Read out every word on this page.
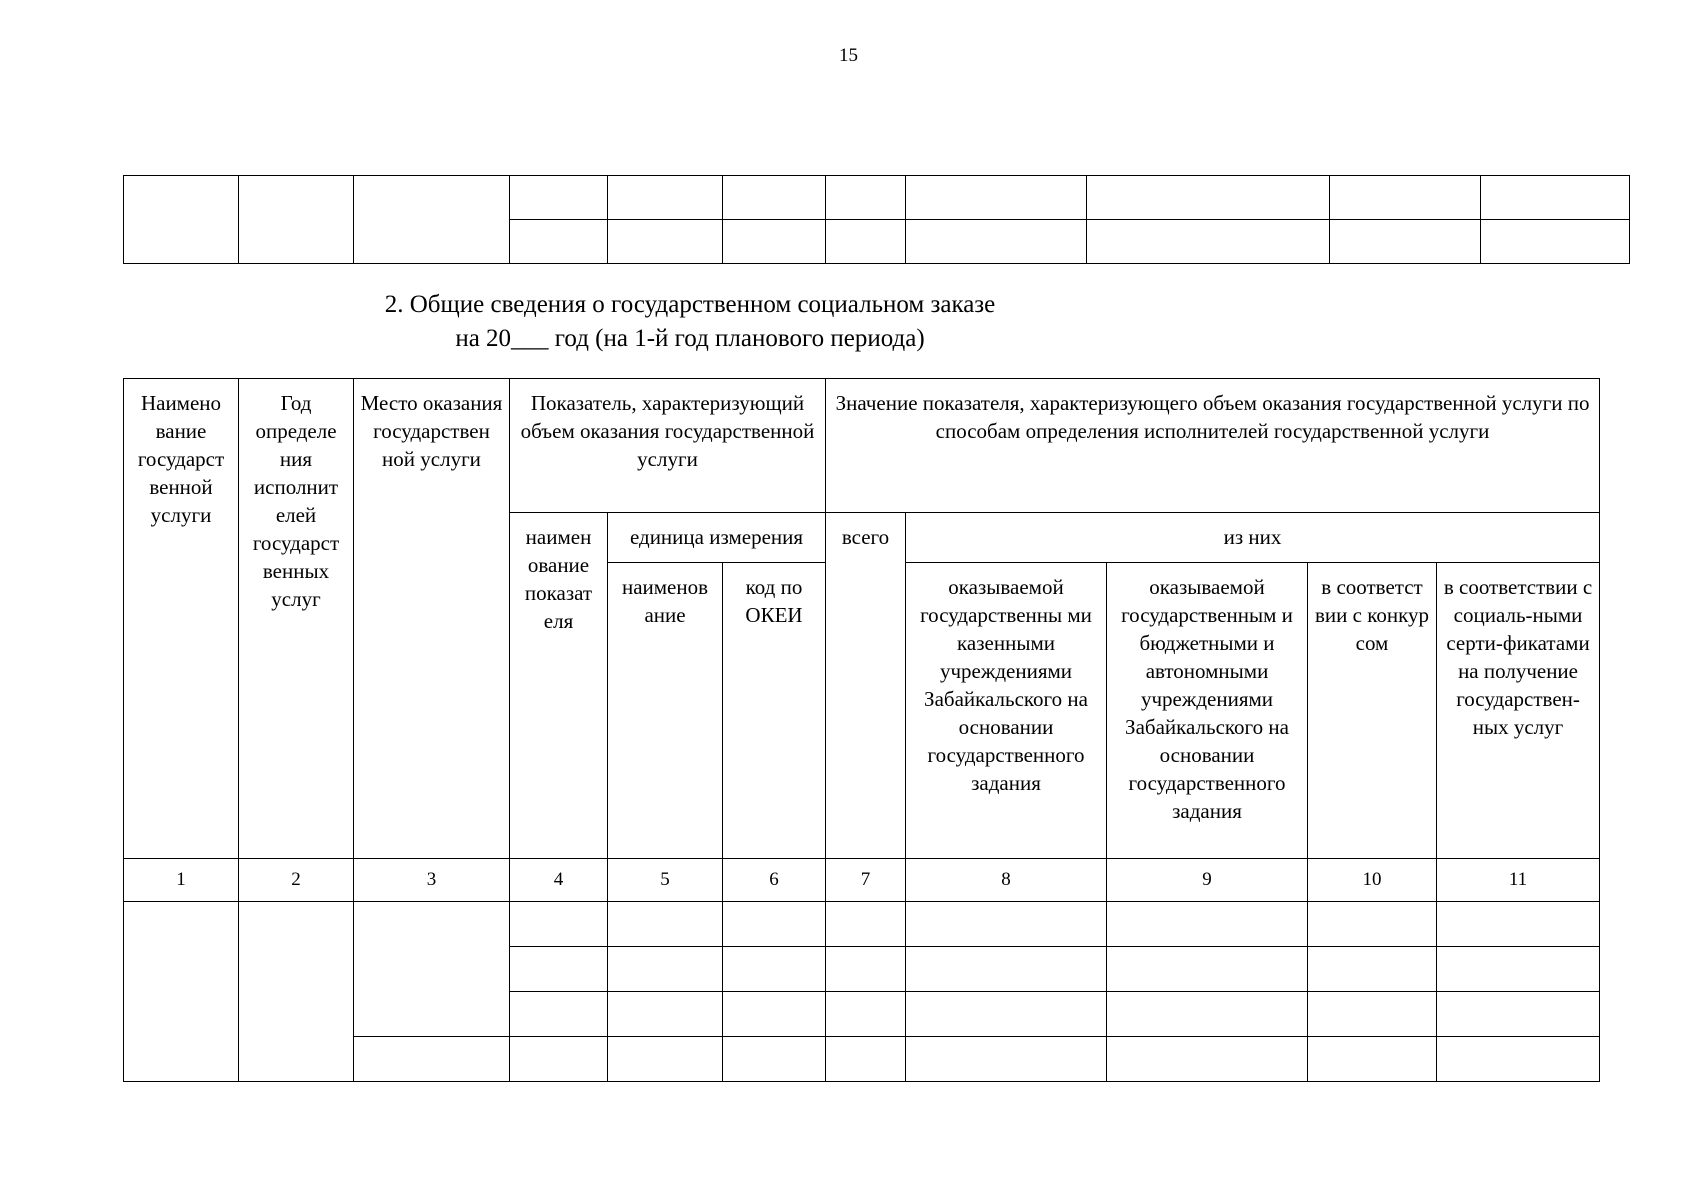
15

2. Общие сведения о государственном социальном заказе
на 20___ год (на 1-й год планового периода)
Наимено вание государст венной услуги	Год определе ния исполнит елей государст венных услуг	Место оказания государствен ной услуги	Показатель, характеризующий объем оказания государственной услуги			Значение показателя, характеризующего объем оказания государственной услуги по способам определения исполнителей государственной услуги				
			наимен ование показат еля	единица измерения		всего	из них			
				наименов ание	код по ОКЕИ		оказываемой государственны ми казенными учреждениями Забайкальского на основании государственного задания	оказываемой государственным и бюджетными и автономными учреждениями Забайкальского на основании государственного задания	в соответст вии с конкур сом	в соответствии с социаль-ными серти-фикатами на получение государствен-ных услуг
1	2	3	4	5	6	7	8	9	10	11
